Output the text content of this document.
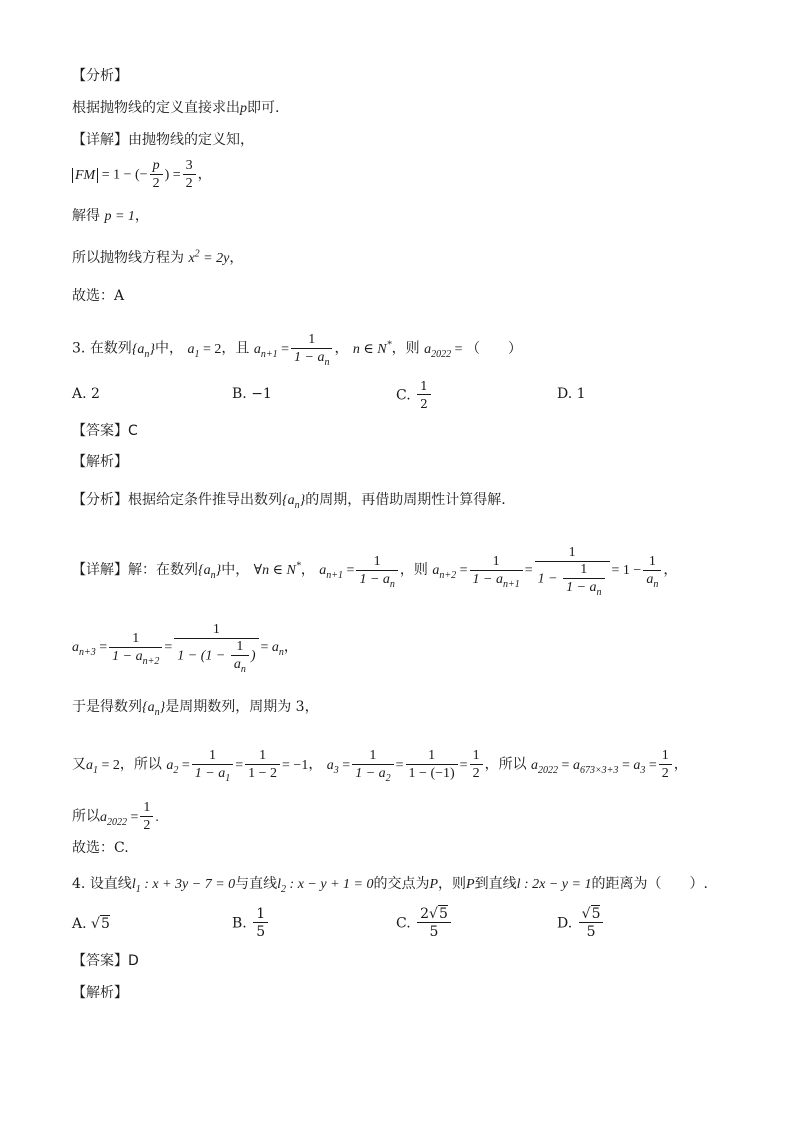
【分析】
根据抛物线的定义直接求出p即可.
【详解】由抛物线的定义知，
FM = 1 − (− $\frac{p}{2}$ ) = $\frac{3}{2}$ ，
解得 p = 1，
所以抛物线方程为 $x^2 = 2y$，
故选：A
3. 在数列$\{a_n\}$中， $a_1 = 2$，且 $a_{n+1} = \frac{1}{1 - a_n}$ ， n ∈ N*，则 $a_{2022}$ = （　　）
A. 2	B. −1	C. $\frac{1}{2}$	D. 1
【答案】C
【解析】
【分析】根据给定条件推导出数列$\{a_n\}$的周期，再借助周期性计算得解.
【详解】解：在数列$\{a_n\}$中， ∀n ∈ N*， $a_{n+1} = \frac{1}{1 - a_n}$ ，则 $a_{n+2} = \frac{1}{1 - a_{n+1}} = \frac{1}{1 - \frac{1}{1 - a_n}} = 1 - \frac{1}{a_n}$ ，
$a_{n+3} = \frac{1}{1 - a_{n+2}} = \frac{1}{1 - (1 - \frac{1}{a_n} )} = a_n$，
于是得数列$\{a_n\}$是周期数列，周期为 3，
又$a_1 = 2$，所以 $a_2 = \frac{1}{1 - a_1} = \frac{1}{1 - 2} = -1$， $a_3 = \frac{1}{1 - a_2} = \frac{1}{1 - (-1)} = \frac{1}{2}$ ，所以 $a_{2022} = a_{673\times 3+3} = a_3 = \frac{1}{2}$ ，
所以$a_{2022} = \frac{1}{2}$ .
故选：C.
4. 设直线$l_1$ : x + 3y − 7 = 0与直线$l_2$ : x − y + 1 = 0的交点为P，则P到直线l : 2x − y = 1的距离为（　　）.
A. √5	B. $\frac{1}{5}$	C. $\frac{2√5}{5}$	D. $\frac{√5}{5}$
【答案】D
【解析】
